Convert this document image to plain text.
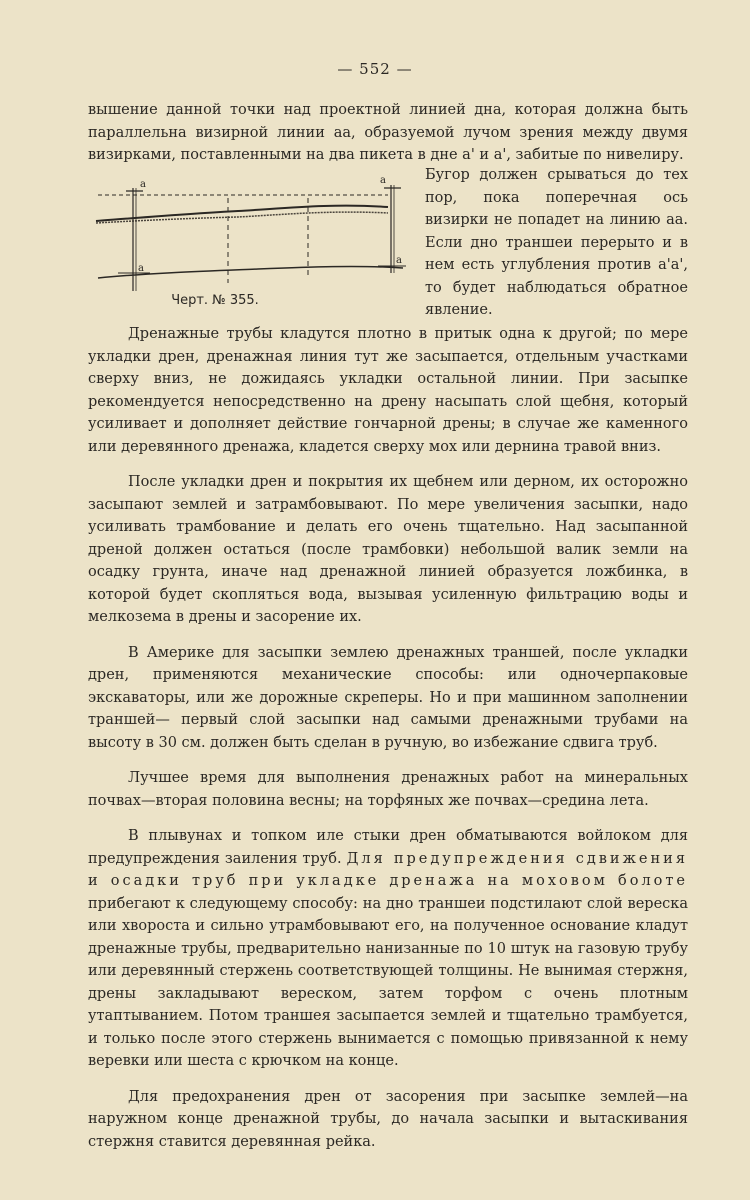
— 552 —

вышение данной точки над проектной линией дна, которая должна быть параллельна визирной линии аа, образуемой лучом зрения между двумя визирками, поставленными на два пикета в дне а' и а', забитые по нивелиру.

а	а
а
а
Черт. № 355.

Бугор должен срываться до тех пор, пока поперечная ось визирки не попадет на линию аа. Если дно траншеи перерыто и в нем есть углубления против а'а', то будет наблюдаться обратное явление.

Дренажные трубы кладутся плотно в притык одна к другой; по мере укладки дрен, дренажная линия тут же засыпается, отдельным участками сверху вниз, не дожидаясь укладки остальной линии. При засыпке рекомендуется непосредственно на дрену насыпать слой щебня, который усиливает и дополняет действие гончарной дрены; в случае же каменного или деревянного дренажа, кладется сверху мох или дернина травой вниз.

После укладки дрен и покрытия их щебнем или дерном, их осторожно засыпают землей и затрамбовывают. По мере увеличения засыпки, надо усиливать трамбование и делать его очень тщательно. Над засыпанной дреной должен остаться (после трамбовки) небольшой валик земли на осадку грунта, иначе над дренажной линией образуется ложбинка, в которой будет скопляться вода, вызывая усиленную фильтрацию воды и мелкозема в дрены и засорение их.

В Америке для засыпки землею дренажных траншей, после укладки дрен, применяются механические способы: или одночерпаковые экскаваторы, или же дорожные скреперы. Но и при машинном заполнении траншей— первый слой засыпки над самыми дренажными трубами на высоту в 30 см. должен быть сделан в ручную, во избежание сдвига труб.

Лучшее время для выполнения дренажных работ на минеральных почвах—вторая половина весны; на торфяных же почвах—средина лета.

В плывунах и топком иле стыки дрен обматываются войлоком для предупреждения заиления труб. Для предупреждения сдвижения и осадки труб при укладке дренажа на моховом болоте прибегают к следующему способу: на дно траншеи подстилают слой вереска или хвороста и сильно утрамбовывают его, на полученное основание кладут дренажные трубы, предварительно нанизанные по 10 штук на газовую трубу или деревянный стержень соответствующей толщины. Не вынимая стержня, дрены закладывают вереском, затем торфом с очень плотным утаптыванием. Потом траншея засыпается землей и тщательно трамбуется, и только после этого стержень вынимается с помощью привязанной к нему веревки или шеста с крючком на конце.

Для предохранения дрен от засорения при засыпке землей—на наружном конце дренажной трубы, до начала засыпки и вытаскивания стержня ставится деревянная рейка.
